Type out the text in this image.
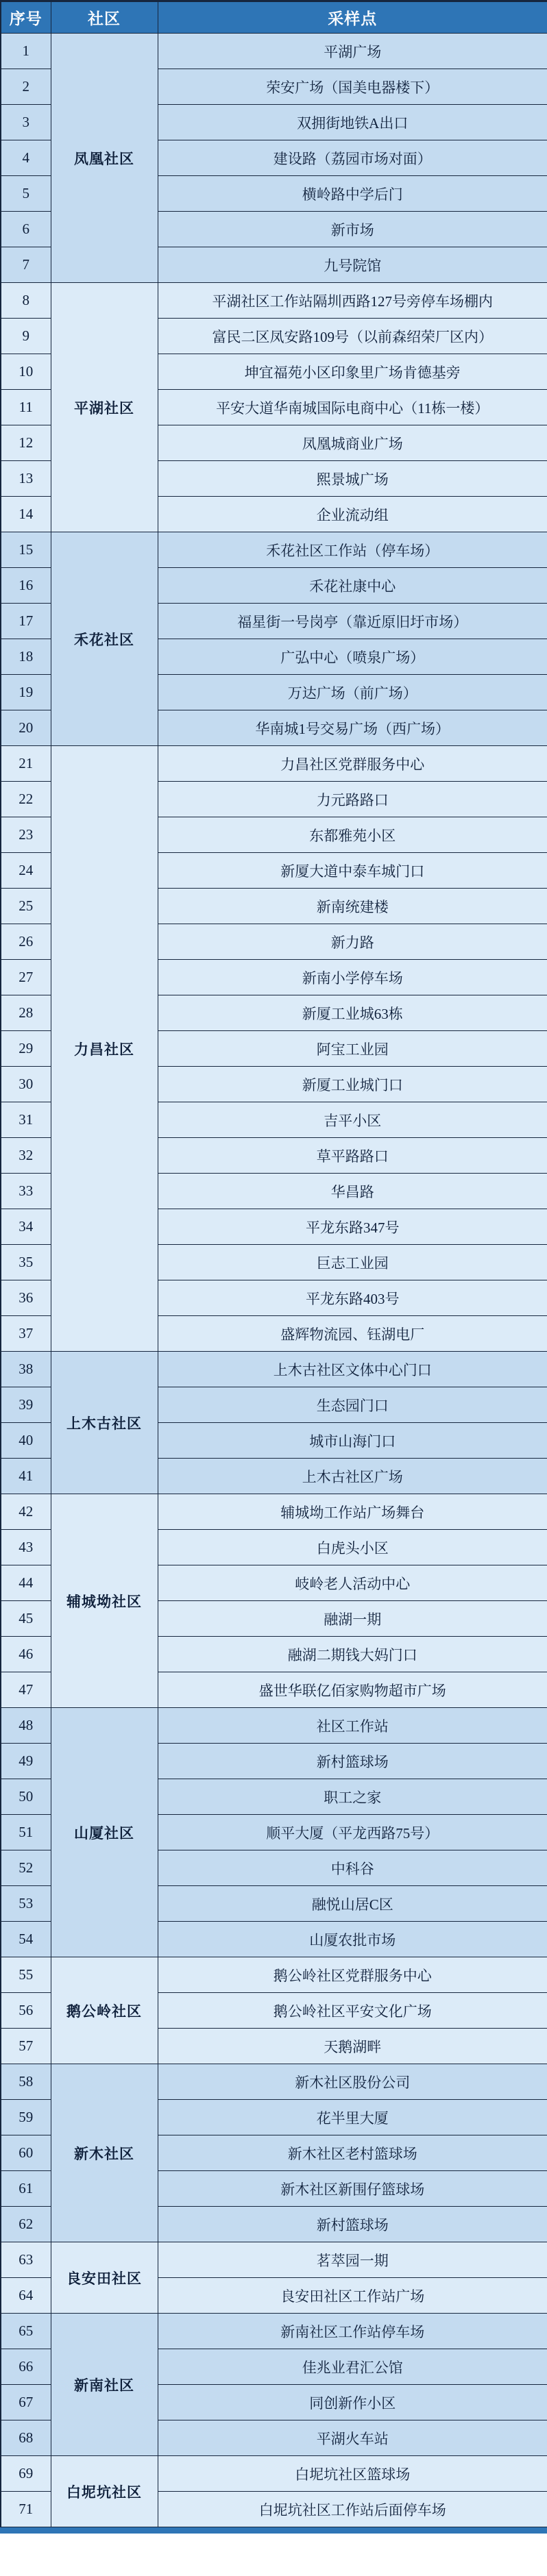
序号	社区	采样点
1	凤凰社区	平湖广场
2		荣安广场（国美电器楼下）
3		双拥街地铁A出口
4		建设路（荔园市场对面）
5		横岭路中学后门
6		新市场
7		九号院馆
8	平湖社区	平湖社区工作站隔圳西路127号旁停车场棚内
9		富民二区凤安路109号（以前森绍荣厂区内）
10		坤宜福苑小区印象里广场肯德基旁
11		平安大道华南城国际电商中心（11栋一楼）
12		凤凰城商业广场
13		熙景城广场
14		企业流动组
15	禾花社区	禾花社区工作站（停车场）
16		禾花社康中心
17		福星街一号岗亭（靠近原旧圩市场）
18		广弘中心（喷泉广场）
19		万达广场（前广场）
20		华南城1号交易广场（西广场）
21	力昌社区	力昌社区党群服务中心
22		力元路路口
23		东都雅苑小区
24		新厦大道中泰车城门口
25		新南统建楼
26		新力路
27		新南小学停车场
28		新厦工业城63栋
29		阿宝工业园
30		新厦工业城门口
31		吉平小区
32		草平路路口
33		华昌路
34		平龙东路347号
35		巨志工业园
36		平龙东路403号
37		盛辉物流园、钰湖电厂
38	上木古社区	上木古社区文体中心门口
39		生态园门口
40		城市山海门口
41		上木古社区广场
42	辅城坳社区	辅城坳工作站广场舞台
43		白虎头小区
44		岐岭老人活动中心
45		融湖一期
46		融湖二期钱大妈门口
47		盛世华联亿佰家购物超市广场
48	山厦社区	社区工作站
49		新村篮球场
50		职工之家
51		顺平大厦（平龙西路75号）
52		中科谷
53		融悦山居C区
54		山厦农批市场
55	鹅公岭社区	鹅公岭社区党群服务中心
56		鹅公岭社区平安文化广场
57		天鹅湖畔
58	新木社区	新木社区股份公司
59		花半里大厦
60		新木社区老村篮球场
61		新木社区新围仔篮球场
62		新村篮球场
63	良安田社区	茗萃园一期
64		良安田社区工作站广场
65	新南社区	新南社区工作站停车场
66		佳兆业君汇公馆
67		同创新作小区
68		平湖火车站
69	白坭坑社区	白坭坑社区篮球场
71		白坭坑社区工作站后面停车场
